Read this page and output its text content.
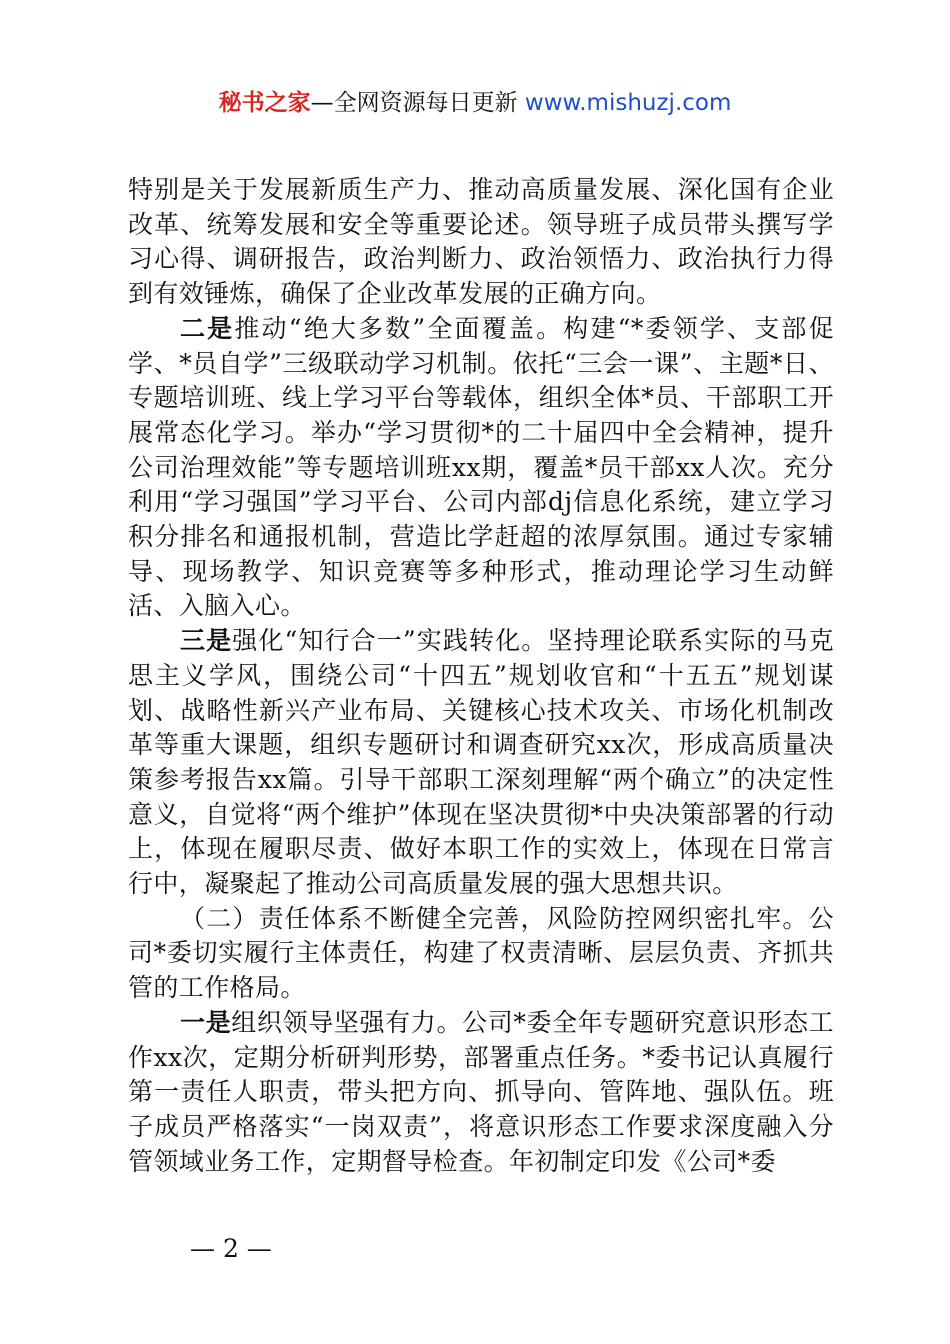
秘书之家—全网资源每日更新 www.mishuzj.com

特别是关于发展新质生产力、推动高质量发展、深化国有企业改革、统筹发展和安全等重要论述。领导班子成员带头撰写学习心得、调研报告，政治判断力、政治领悟力、政治执行力得到有效锤炼，确保了企业改革发展的正确方向。

二是推动“绝大多数”全面覆盖。构建“*委领学、支部促学、*员自学”三级联动学习机制。依托“三会一课”、主题*日、专题培训班、线上学习平台等载体，组织全体*员、干部职工开展常态化学习。举办“学习贯彻*的二十届四中全会精神，提升公司治理效能”等专题培训班xx期，覆盖*员干部xx人次。充分利用“学习强国”学习平台、公司内部dj信息化系统，建立学习积分排名和通报机制，营造比学赶超的浓厚氛围。通过专家辅导、现场教学、知识竞赛等多种形式，推动理论学习生动鲜活、入脑入心。

三是强化“知行合一”实践转化。坚持理论联系实际的马克思主义学风，围绕公司“十四五”规划收官和“十五五”规划谋划、战略性新兴产业布局、关键核心技术攻关、市场化机制改革等重大课题，组织专题研讨和调查研究xx次，形成高质量决策参考报告xx篇。引导干部职工深刻理解“两个确立”的决定性意义，自觉将“两个维护”体现在坚决贯彻*中央决策部署的行动上，体现在履职尽责、做好本职工作的实效上，体现在日常言行中，凝聚起了推动公司高质量发展的强大思想共识。

（二）责任体系不断健全完善，风险防控网织密扎牢。公司*委切实履行主体责任，构建了权责清晰、层层负责、齐抓共管的工作格局。

一是组织领导坚强有力。公司*委全年专题研究意识形态工作xx次，定期分析研判形势，部署重点任务。*委书记认真履行第一责任人职责，带头把方向、抓导向、管阵地、强队伍。班子成员严格落实“一岗双责”，将意识形态工作要求深度融入分管领域业务工作，定期督导检查。年初制定印发《公司*委

— 2 —
